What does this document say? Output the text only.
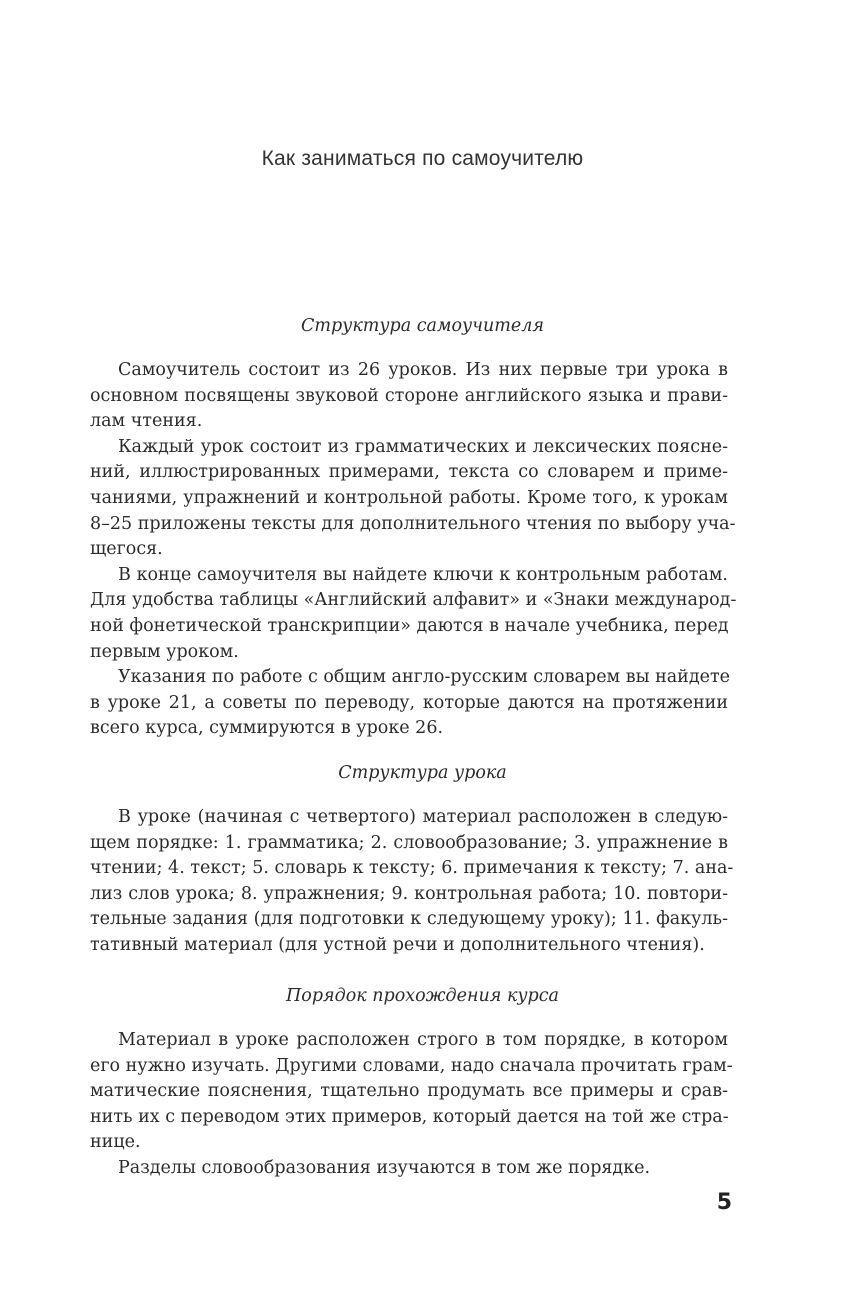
Как заниматься по самоучителю
Структура самоучителя
Самоучитель состоит из 26 уроков. Из них первые три урока в
основном посвящены звуковой стороне английского языка и прави-
лам чтения.
Каждый урок состоит из грамматических и лексических пояснe-
ний, иллюстрированных примерами, текста со словарем и приме-
чаниями, упражнений и контрольной работы. Кроме того, к урокам
8–25 приложены тексты для дополнительного чтения по выбору уча-
щегося.
В конце самоучителя вы найдете ключи к контрольным работам.
Для удобства таблицы «Английский алфавит» и «Знаки международ-
ной фонетической транскрипции» даются в начале учебника, перед
первым уроком.
Указания по работе с общим англо-русским словарем вы найдете
в уроке 21, а советы по переводу, которые даются на протяжении
всего курса, суммируются в уроке 26.
Структура урока
В уроке (начиная с четвертого) материал расположен в следую-
щем порядке: 1. грамматика; 2. словообразование; 3. упражнение в
чтении; 4. текст; 5. словарь к тексту; 6. примечания к тексту; 7. ана-
лиз слов урока; 8. упражнения; 9. контрольная работа; 10. повтори-
тельные задания (для подготовки к следующему уроку); 11. факуль-
тативный материал (для устной речи и дополнительного чтения).
Порядок прохождения курса
Материал в уроке расположен строго в том порядке, в котором
его нужно изучать. Другими словами, надо сначала прочитать грам-
матические пояснения, тщательно продумать все примеры и срав-
нить их с переводом этих примеров, который дается на той же стра-
нице.
Разделы словообразования изучаются в том же порядке.
5
